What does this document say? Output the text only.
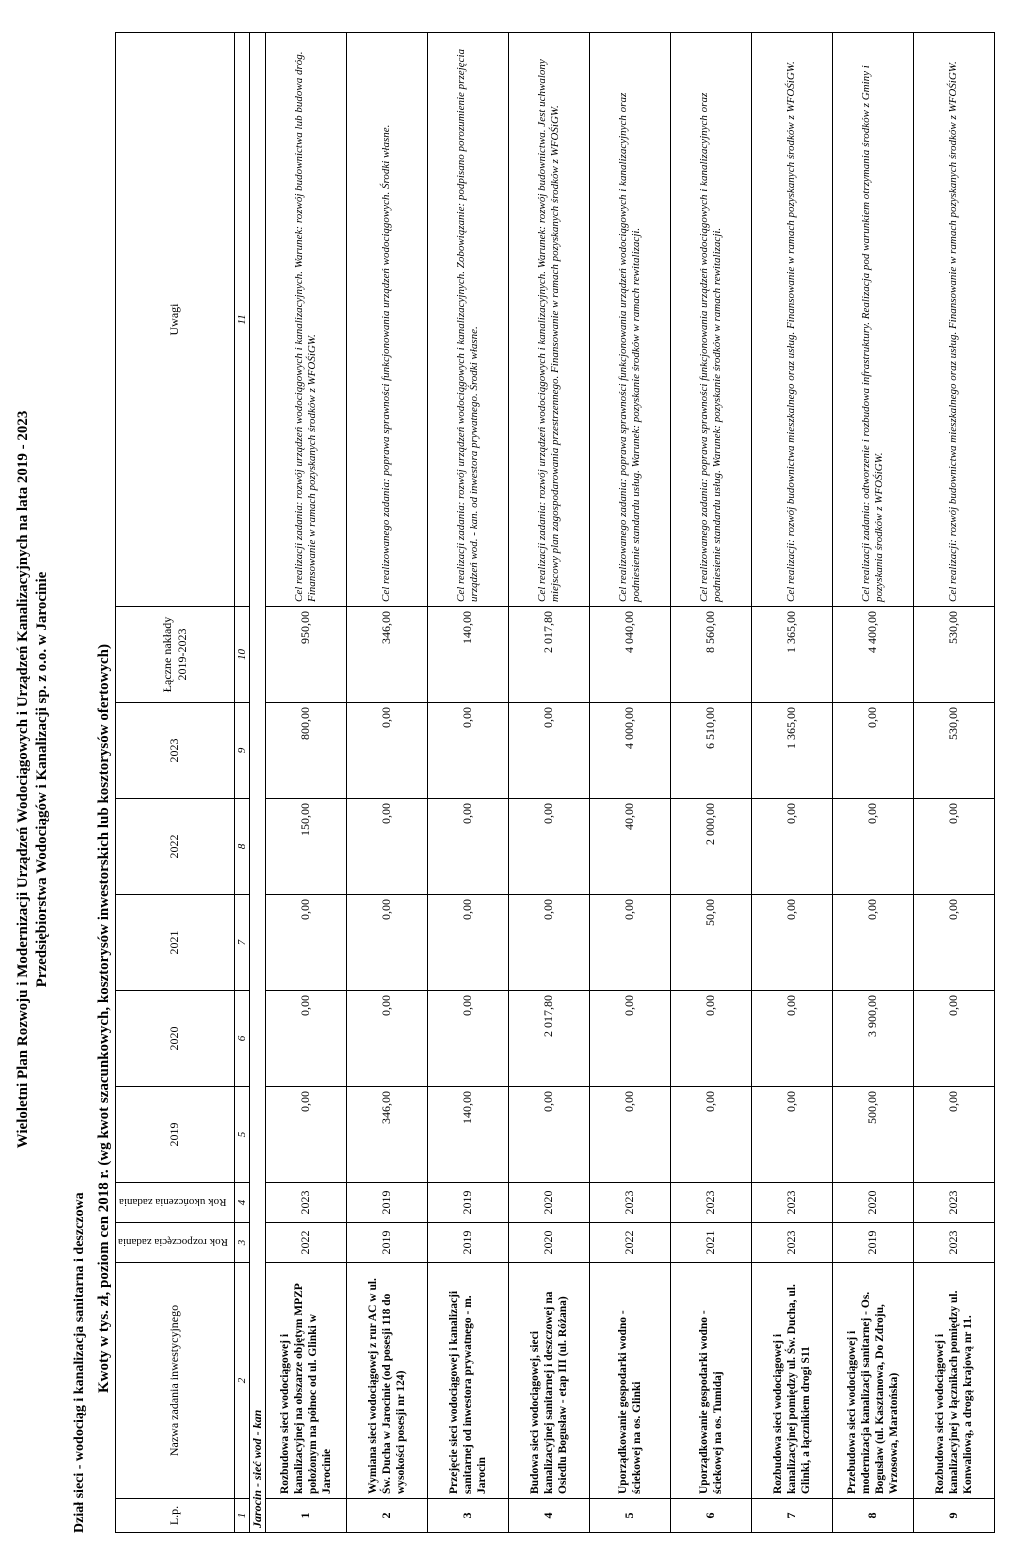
Wieloletni Plan Rozwoju i Modernizacji Urządzeń Wodociągowych i Urządzeń Kanalizacyjnych na lata 2019 - 2023 Przedsiębiorstwa Wodociągów i Kanalizacji sp. z o.o. w Jarocinie
Dział sieci - wodociąg i kanalizacja sanitarna i deszczowa Kwoty w tys. zł, poziom cen 2018 r. (wg kwot szacunkowych, kosztorysów inwestorskich lub kosztorysów ofertowych)
L.p.	Nazwa zadania inwestycyjnego	Rok rozpoczęcia zadania	Rok ukończenia zadania	2019	2020	2021	2022	2023	Łączne nakłady 2019-2023	Uwagi
1	2	3	4	5	6	7	8	9	10	11
Jarocin - sieć wod - kan										
1	Rozbudowa sieci wodociągowej i kanalizacyjnej na obszarze objętym MPZP położonym na północ od ul. Glinki w Jarocinie	2022	2023	0,00	0,00	0,00	150,00	800,00	950,00	Cel realizacji zadania: rozwój urządzeń wodociągowych i kanalizacyjnych. Warunek: rozwój budownictwa lub budowa dróg. Finansowanie w ramach pozyskanych środków z WFOŚiGW.
2	Wymiana sieci wodociągowej z rur AC w ul. Św. Ducha w Jarocinie (od posesji 118 do wysokości posesji nr 124)	2019	2019	346,00	0,00	0,00	0,00	0,00	346,00	Cel realizowanego zadania: poprawa sprawności funkcjonowania urządzeń wodociągowych. Środki własne.
3	Przejęcie sieci wodociągowej i kanalizacji sanitarnej od inwestora prywatnego - m. Jarocin	2019	2019	140,00	0,00	0,00	0,00	0,00	140,00	Cel realizacji zadania: rozwój urządzeń wodociągowych i kanalizacyjnych. Zobowiązanie: podpisano porozumienie przejęcia urządzeń wod. - kan. od inwestora prywatnego. Środki własne.
4	Budowa sieci wodociągowej, sieci kanalizacyjnej sanitarnej i deszczowej na Osiedlu Bogusław - etap III (ul. Różana)	2020	2020	0,00	2 017,80	0,00	0,00	0,00	2 017,80	Cel realizacji zadania: rozwój urządzeń wodociągowych i kanalizacyjnych. Warunek: rozwój budownictwa. Jest uchwalony miejscowy plan zagospodarowania przestrzennego. Finansowanie w ramach pozyskanych środków z WFOŚiGW.
5	Uporządkowanie gospodarki wodno - ściekowej na os. Glinki	2022	2023	0,00	0,00	0,00	40,00	4 000,00	4 040,00	Cel realizowanego zadania: poprawa sprawności funkcjonowania urządzeń wodociągowych i kanalizacyjnych oraz podniesienie standardu usług. Warunek: pozyskanie środków w ramach rewitalizacji.
6	Uporządkowanie gospodarki wodno - ściekowej na os. Tumidaj	2021	2023	0,00	0,00	50,00	2 000,00	6 510,00	8 560,00	Cel realizowanego zadania: poprawa sprawności funkcjonowania urządzeń wodociągowych i kanalizacyjnych oraz podniesienie standardu usług. Warunek: pozyskanie środków w ramach rewitalizacji.
7	Rozbudowa sieci wodociągowej i kanalizacyjnej pomiędzy ul. Św. Ducha, ul. Glinki, a łącznikiem drogi S11	2023	2023	0,00	0,00	0,00	0,00	1 365,00	1 365,00	Cel realizacji: rozwój budownictwa mieszkalnego oraz usług. Finansowanie w ramach pozyskanych środków z WFOŚiGW.
8	Przebudowa sieci wodociągowej i modernizacja kanalizacji sanitarnej - Os. Bogusław (ul. Kasztanowa, Do Zdroju, Wrzosowa, Maratońska)	2019	2020	500,00	3 900,00	0,00	0,00	0,00	4 400,00	Cel realizacji zadania: odtworzenie i rozbudowa infrastruktury. Realizacja pod warunkiem otrzymania środków z Gminy i pozyskania środków z WFOŚiGW.
9	Rozbudowa sieci wodociągowej i kanalizacyjnej w łącznikach pomiędzy ul. Konwaliową, a drogą krajową nr 11.	2023	2023	0,00	0,00	0,00	0,00	530,00	530,00	Cel realizacji: rozwój budownictwa mieszkalnego oraz usług. Finansowanie w ramach pozyskanych środków z WFOŚiGW.
